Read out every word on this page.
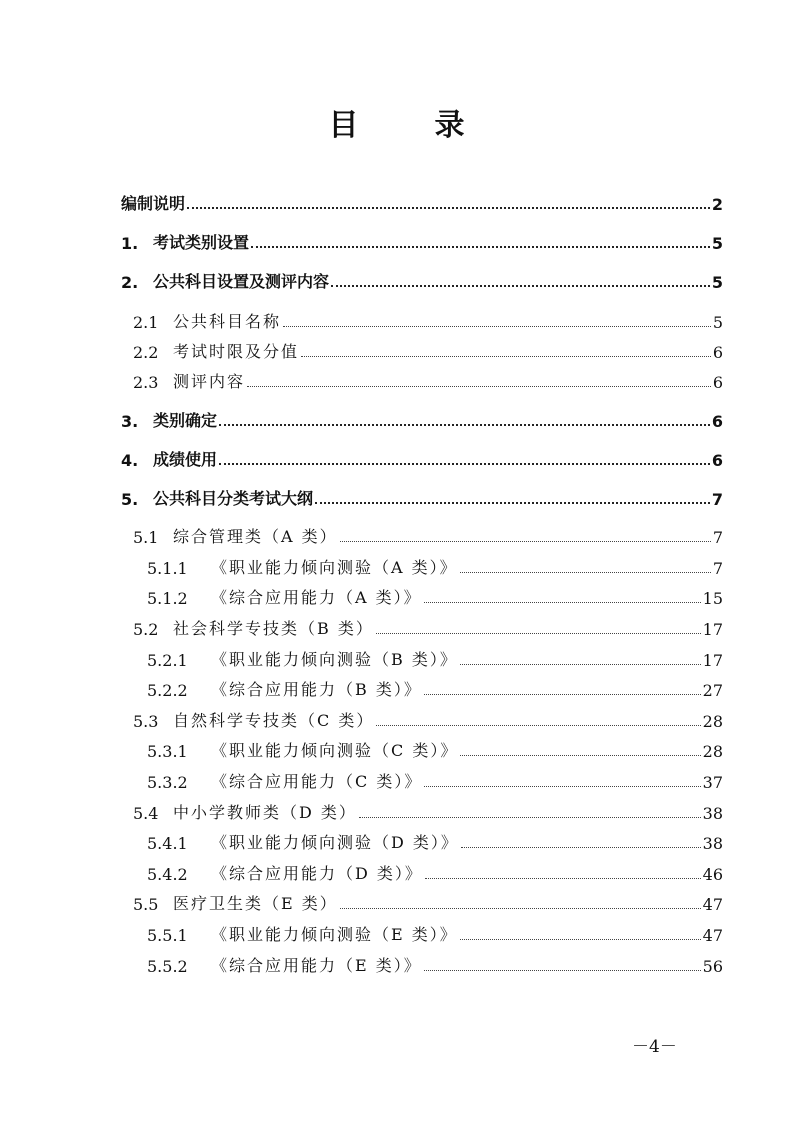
目	录
编制说明	2
1. 考试类别设置	5
2. 公共科目设置及测评内容	5
2.1 公共科目名称	5
2.2 考试时限及分值	6
2.3 测评内容	6
3. 类别确定	6
4. 成绩使用	6
5. 公共科目分类考试大纲	7
5.1 综合管理类（A 类）	7
5.1.1	《职业能力倾向测验（A 类）》	7
5.1.2	《综合应用能力（A 类）》	15
5.2 社会科学专技类（B 类）	17
5.2.1	《职业能力倾向测验（B 类）》	17
5.2.2	《综合应用能力（B 类）》	27
5.3 自然科学专技类（C 类）	28
5.3.1	《职业能力倾向测验（C 类）》	28
5.3.2	《综合应用能力（C 类）》	37
5.4 中小学教师类（D 类）	38
5.4.1	《职业能力倾向测验（D 类）》	38
5.4.2	《综合应用能力（D 类）》	46
5.5 医疗卫生类（E 类）	47
5.5.1	《职业能力倾向测验（E 类）》	47
5.5.2	《综合应用能力（E 类）》	56
－4－
